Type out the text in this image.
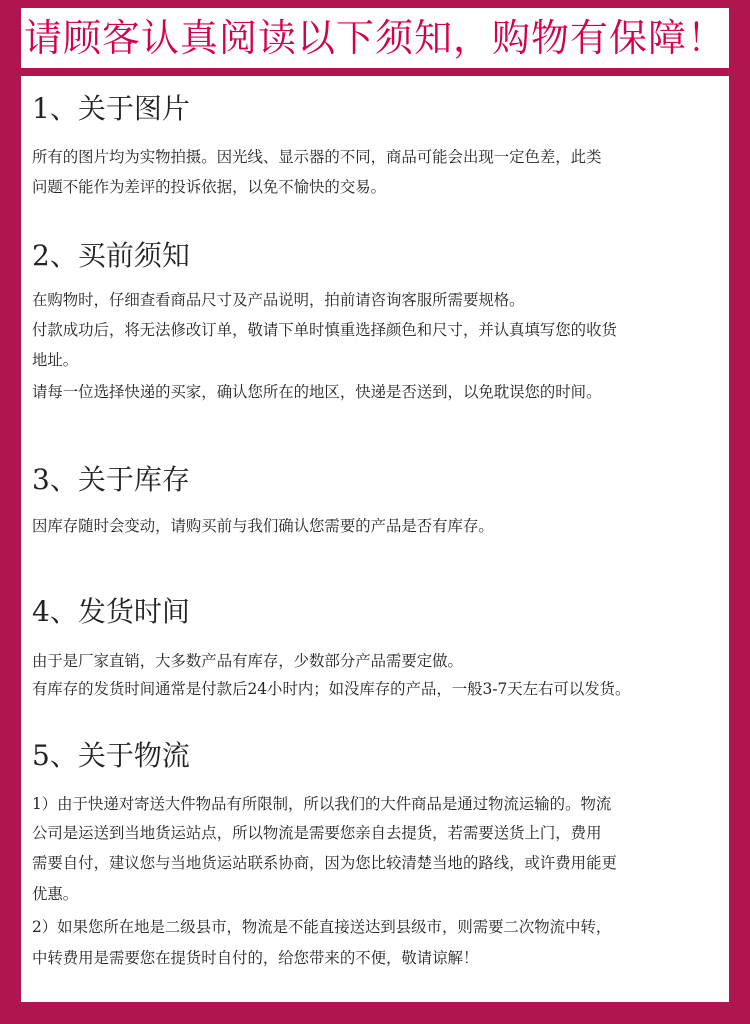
请顾客认真阅读以下须知，购物有保障！
1、关于图片
所有的图片均为实物拍摄。因光线、显示器的不同，商品可能会出现一定色差，此类
问题不能作为差评的投诉依据，以免不愉快的交易。
2、买前须知
在购物时，仔细查看商品尺寸及产品说明，拍前请咨询客服所需要规格。
付款成功后，将无法修改订单，敬请下单时慎重选择颜色和尺寸，并认真填写您的收货
地址。
请每一位选择快递的买家，确认您所在的地区，快递是否送到，以免耽误您的时间。
3、关于库存
因库存随时会变动，请购买前与我们确认您需要的产品是否有库存。
4、发货时间
由于是厂家直销，大多数产品有库存，少数部分产品需要定做。
有库存的发货时间通常是付款后24小时内；如没库存的产品，一般3-7天左右可以发货。
5、关于物流
1）由于快递对寄送大件物品有所限制，所以我们的大件商品是通过物流运输的。物流
公司是运送到当地货运站点，所以物流是需要您亲自去提货，若需要送货上门，费用
需要自付，建议您与当地货运站联系协商，因为您比较清楚当地的路线，或许费用能更
优惠。
2）如果您所在地是二级县市，物流是不能直接送达到县级市，则需要二次物流中转，
中转费用是需要您在提货时自付的，给您带来的不便，敬请谅解！
